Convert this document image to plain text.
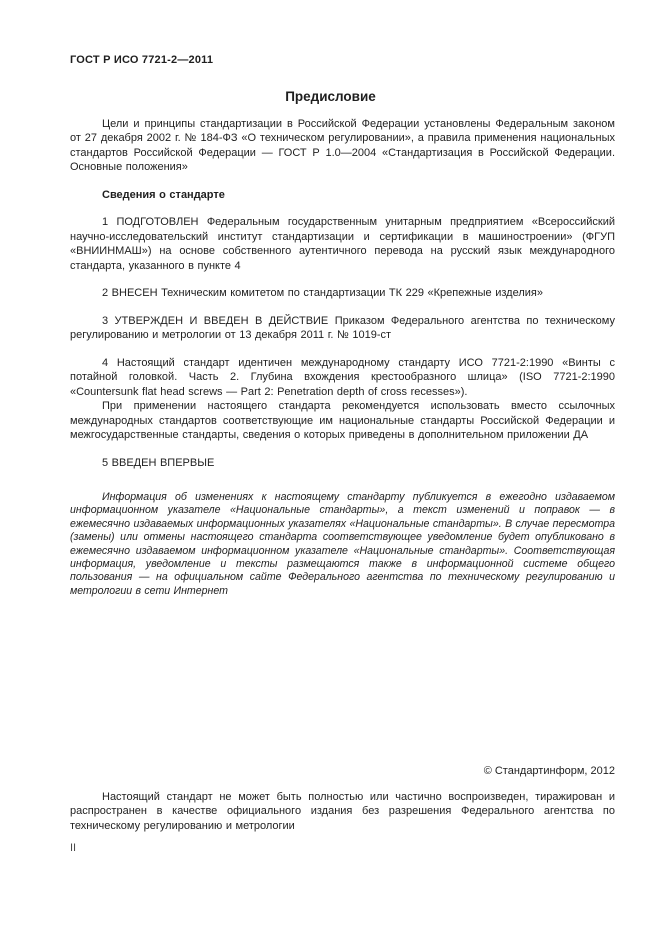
ГОСТ Р ИСО 7721-2—2011
Предисловие

Цели и принципы стандартизации в Российской Федерации установлены Федеральным законом от 27 декабря 2002 г. № 184-ФЗ «О техническом регулировании», а правила применения национальных стандартов Российской Федерации — ГОСТ Р 1.0—2004 «Стандартизация в Российской Федерации. Основные положения»

Сведения о стандарте

1 ПОДГОТОВЛЕН Федеральным государственным унитарным предприятием «Всероссийский научно-исследовательский институт стандартизации и сертификации в машиностроении» (ФГУП «ВНИИНМАШ») на основе собственного аутентичного перевода на русский язык международного стандарта, указанного в пункте 4

2 ВНЕСЕН Техническим комитетом по стандартизации ТК 229 «Крепежные изделия»

3 УТВЕРЖДЕН И ВВЕДЕН В ДЕЙСТВИЕ Приказом Федерального агентства по техническому регулированию и метрологии от 13 декабря 2011 г. № 1019-ст

4 Настоящий стандарт идентичен международному стандарту ИСО 7721-2:1990 «Винты с потайной головкой. Часть 2. Глубина вхождения крестообразного шлица» (ISO 7721-2:1990 «Countersunk flat head screws — Part 2: Penetration depth of cross recesses»).

При применении настоящего стандарта рекомендуется использовать вместо ссылочных международных стандартов соответствующие им национальные стандарты Российской Федерации и межгосударственные стандарты, сведения о которых приведены в дополнительном приложении ДА

5 ВВЕДЕН ВПЕРВЫЕ

Информация об изменениях к настоящему стандарту публикуется в ежегодно издаваемом информационном указателе «Национальные стандарты», а текст изменений и поправок — в ежемесячно издаваемых информационных указателях «Национальные стандарты». В случае пересмотра (замены) или отмены настоящего стандарта соответствующее уведомление будет опубликовано в ежемесячно издаваемом информационном указателе «Национальные стандарты». Соответствующая информация, уведомление и тексты размещаются также в информационной системе общего пользования — на официальном сайте Федерального агентства по техническому регулированию и метрологии в сети Интернет

© Стандартинформ, 2012

Настоящий стандарт не может быть полностью или частично воспроизведен, тиражирован и распространен в качестве официального издания без разрешения Федерального агентства по техническому регулированию и метрологии

II
